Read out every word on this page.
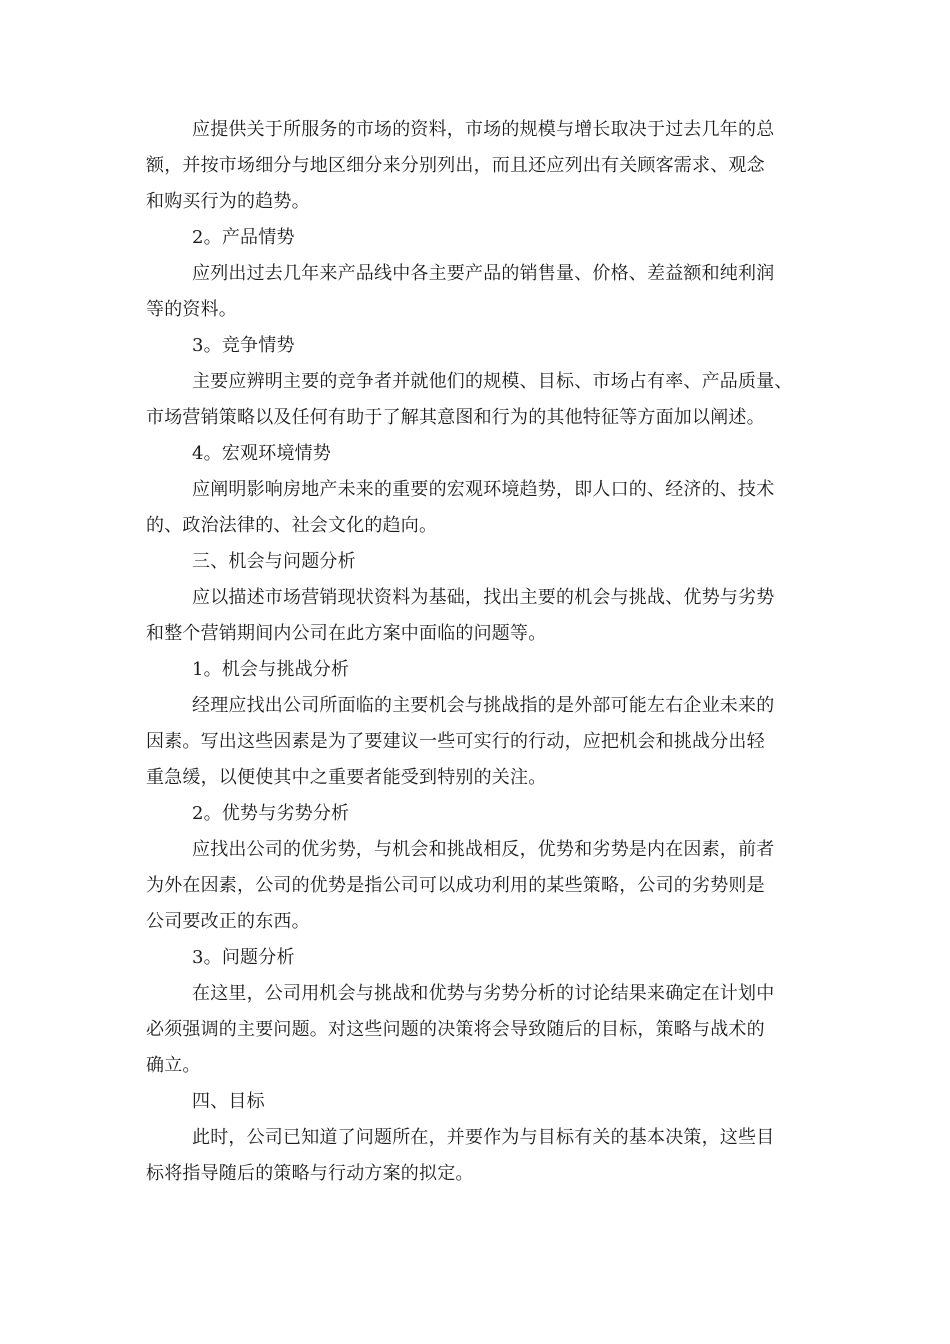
应提供关于所服务的市场的资料，市场的规模与增长取决于过去几年的总
额，并按市场细分与地区细分来分别列出，而且还应列出有关顾客需求、观念
和购买行为的趋势。
2。产品情势
应列出过去几年来产品线中各主要产品的销售量、价格、差益额和纯利润
等的资料。
3。竞争情势
主要应辨明主要的竞争者并就他们的规模、目标、市场占有率、产品质量、
市场营销策略以及任何有助于了解其意图和行为的其他特征等方面加以阐述。
4。宏观环境情势
应阐明影响房地产未来的重要的宏观环境趋势，即人口的、经济的、技术
的、政治法律的、社会文化的趋向。
三、机会与问题分析
应以描述市场营销现状资料为基础，找出主要的机会与挑战、优势与劣势
和整个营销期间内公司在此方案中面临的问题等。
1。机会与挑战分析
经理应找出公司所面临的主要机会与挑战指的是外部可能左右企业未来的
因素。写出这些因素是为了要建议一些可实行的行动，应把机会和挑战分出轻
重急缓，以便使其中之重要者能受到特别的关注。
2。优势与劣势分析
应找出公司的优劣势，与机会和挑战相反，优势和劣势是内在因素，前者
为外在因素，公司的优势是指公司可以成功利用的某些策略，公司的劣势则是
公司要改正的东西。
3。问题分析
在这里，公司用机会与挑战和优势与劣势分析的讨论结果来确定在计划中
必须强调的主要问题。对这些问题的决策将会导致随后的目标，策略与战术的
确立。
四、目标
此时，公司已知道了问题所在，并要作为与目标有关的基本决策，这些目
标将指导随后的策略与行动方案的拟定。
